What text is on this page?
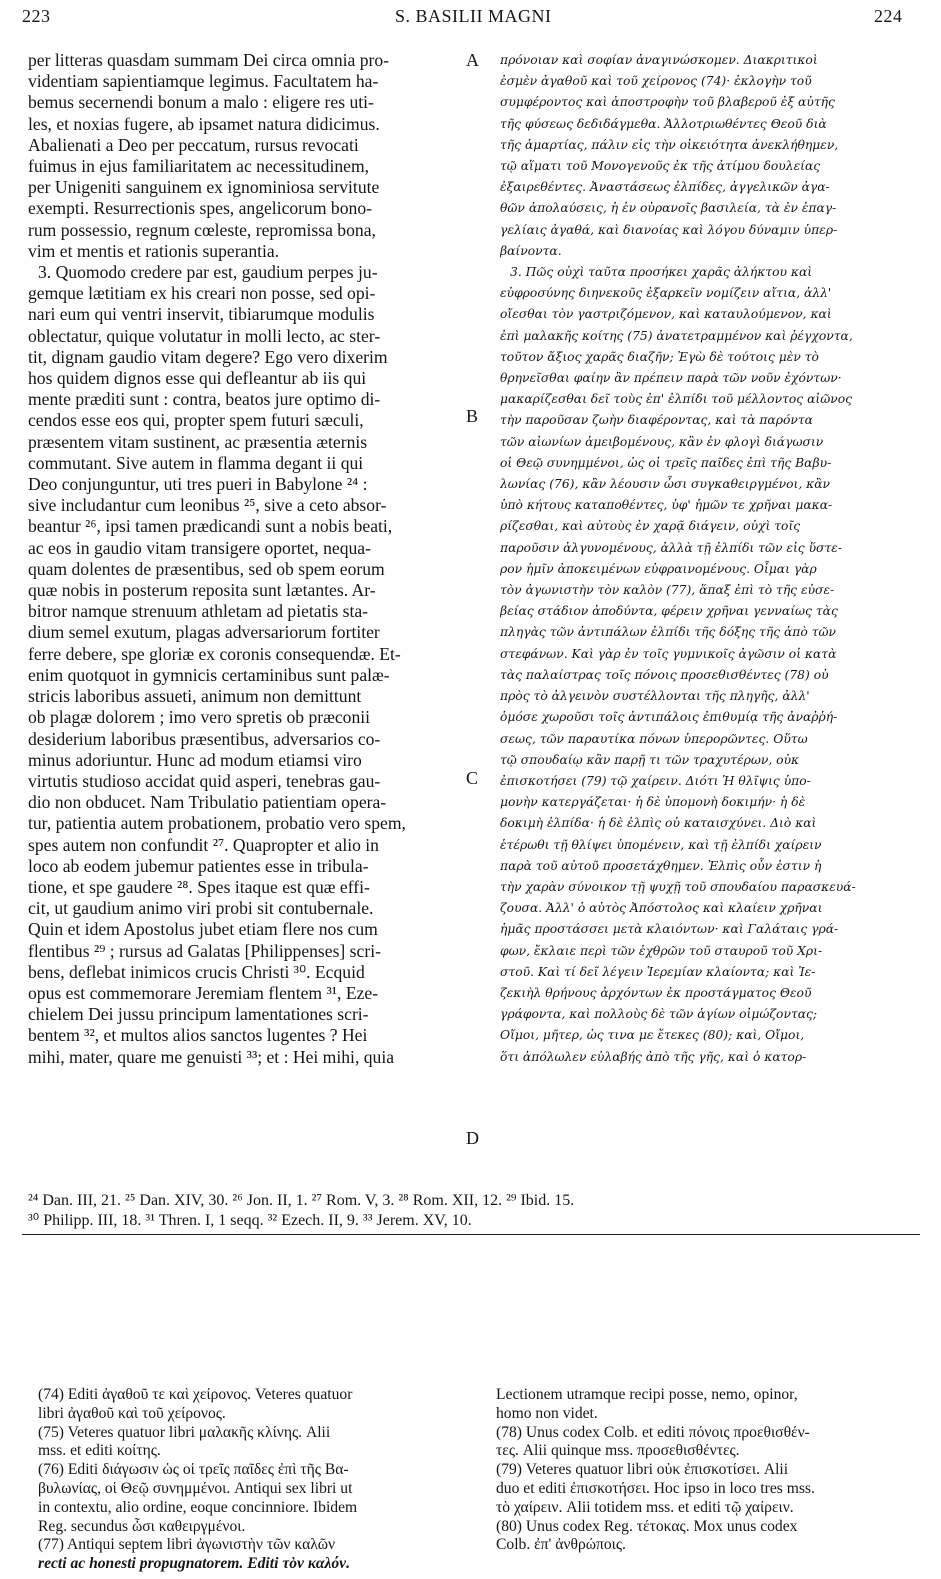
223	S. BASILII MAGNI	224
A
B
C
D
per litteras quasdam summam Dei circa omnia pro-
videntiam sapientiamque legimus. Facultatem ha-
bemus secernendi bonum a malo : eligere res uti-
les, et noxias fugere, ab ipsamet natura didicimus.
Abalienati a Deo per peccatum, rursus revocati
fuimus in ejus familiaritatem ac necessitudinem,
per Unigeniti sanguinem ex ignominiosa servitute
exempti. Resurrectionis spes, angelicorum bono-
rum possessio, regnum cœleste, repromissa bona,
vim et mentis et rationis superantia.
3. Quomodo credere par est, gaudium perpes ju-
gemque lætitiam ex his creari non posse, sed opi-
nari eum qui ventri inservit, tibiarumque modulis
oblectatur, quique volutatur in molli lecto, ac ster-
tit, dignam gaudio vitam degere? Ego vero dixerim
hos quidem dignos esse qui defleantur ab iis qui
mente præditi sunt : contra, beatos jure optimo di-
cendos esse eos qui, propter spem futuri sæculi,
præsentem vitam sustinent, ac præsentia æternis
commutant. Sive autem in flamma degant ii qui
Deo conjunguntur, uti tres pueri in Babylone ²⁴ :
sive includantur cum leonibus ²⁵, sive a ceto absor-
beantur ²⁶, ipsi tamen prædicandi sunt a nobis beati,
ac eos in gaudio vitam transigere oportet, nequa-
quam dolentes de præsentibus, sed ob spem eorum
quæ nobis in posterum reposita sunt lætantes. Ar-
bitror namque strenuum athletam ad pietatis sta-
dium semel exutum, plagas adversariorum fortiter
ferre debere, spe gloriæ ex coronis consequendæ. Et-
enim quotquot in gymnicis certaminibus sunt palæ-
stricis laboribus assueti, animum non demittunt
ob plagæ dolorem ; imo vero spretis ob præconii
desiderium laboribus præsentibus, adversarios co-
minus adoriuntur. Hunc ad modum etiamsi viro
virtutis studioso accidat quid asperi, tenebras gau-
dio non obducet. Nam Tribulatio patientiam opera-
tur, patientia autem probationem, probatio vero spem,
spes autem non confundit ²⁷. Quapropter et alio in
loco ab eodem jubemur patientes esse in tribula-
tione, et spe gaudere ²⁸. Spes itaque est quæ effi-
cit, ut gaudium animo viri probi sit contubernale.
Quin et idem Apostolus jubet etiam flere nos cum
flentibus ²⁹ ; rursus ad Galatas [Philippenses] scri-
bens, deflebat inimicos crucis Christi ³⁰. Ecquid
opus est commemorare Jeremiam flentem ³¹, Eze-
chielem Dei jussu principum lamentationes scri-
bentem ³², et multos alios sanctos lugentes ? Hei
mihi, mater, quare me genuisti ³³; et : Hei mihi, quia
πρόνοιαν καὶ σοφίαν ἀναγινώσκομεν. Διακριτικοὶ
ἐσμὲν ἀγαθοῦ καὶ τοῦ χείρονος (74)· ἐκλογὴν τοῦ
συμφέροντος καὶ ἀποστροφὴν τοῦ βλαβεροῦ ἐξ αὐτῆς
τῆς φύσεως δεδιδάγμεθα. Ἀλλοτριωθέντες Θεοῦ διὰ
τῆς ἁμαρτίας, πάλιν εἰς τὴν οἰκειότητα ἀνεκλήθημεν,
τῷ αἵματι τοῦ Μονογενοῦς ἐκ τῆς ἀτίμου δουλείας
ἐξαιρεθέντες. Ἀναστάσεως ἐλπίδες, ἀγγελικῶν ἀγα-
θῶν ἀπολαύσεις, ἡ ἐν οὐρανοῖς βασιλεία, τὰ ἐν ἐπαγ-
γελίαις ἀγαθά, καὶ διανοίας καὶ λόγου δύναμιν ὑπερ-
βαίνοντα.
3. Πῶς οὐχὶ ταῦτα προσήκει χαρᾶς ἀλήκτου καὶ
εὐφροσύνης διηνεκοῦς ἐξαρκεῖν νομίζειν αἴτια, ἀλλ'
οἴεσθαι τὸν γαστριζόμενον, καὶ καταυλούμενον, καὶ
ἐπὶ μαλακῆς κοίτης (75) ἀνατετραμμένον καὶ ῥέγχοντα,
τοῦτον ἄξιος χαρᾶς διαζῆν; Ἐγὼ δὲ τούτοις μὲν τὸ
θρηνεῖσθαι φαίην ἂν πρέπειν παρὰ τῶν νοῦν ἐχόντων·
μακαρίζεσθαι δεῖ τοὺς ἐπ' ἐλπίδι τοῦ μέλλοντος αἰῶνος
τὴν παροῦσαν ζωὴν διαφέροντας, καὶ τὰ παρόντα
τῶν αἰωνίων ἀμειβομένους, κἂν ἐν φλογὶ διάγωσιν
οἱ Θεῷ συνημμένοι, ὡς οἱ τρεῖς παῖδες ἐπὶ τῆς Βαβυ-
λωνίας (76), κἂν λέουσιν ὦσι συγκαθειργμένοι, κἂν
ὑπὸ κήτους καταποθέντες, ὑφ' ἡμῶν τε χρῆναι μακα-
ρίζεσθαι, καὶ αὐτοὺς ἐν χαρᾷ διάγειν, οὐχὶ τοῖς
παροῦσιν ἀλγυνομένους, ἀλλὰ τῇ ἐλπίδι τῶν εἰς ὕστε-
ρον ἡμῖν ἀποκειμένων εὐφραινομένους. Οἶμαι γὰρ
τὸν ἀγωνιστὴν τὸν καλὸν (77), ἅπαξ ἐπὶ τὸ τῆς εὐσε-
βείας στάδιον ἀποδύντα, φέρειν χρῆναι γενναίως τὰς
πληγὰς τῶν ἀντιπάλων ἐλπίδι τῆς δόξης τῆς ἀπὸ τῶν
στεφάνων. Καὶ γὰρ ἐν τοῖς γυμνικοῖς ἀγῶσιν οἱ κατὰ
τὰς παλαίστρας τοῖς πόνοις προσεθισθέντες (78) οὐ
πρὸς τὸ ἀλγεινὸν συστέλλονται τῆς πληγῆς, ἀλλ'
ὁμόσε χωροῦσι τοῖς ἀντιπάλοις ἐπιθυμίᾳ τῆς ἀναῤῥή-
σεως, τῶν παραυτίκα πόνων ὑπερορῶντες. Οὕτω
τῷ σπουδαίῳ κἂν παρῇ τι τῶν τραχυτέρων, οὐκ
ἐπισκοτήσει (79) τῷ χαίρειν. Διότι Ἡ θλῖψις ὑπο-
μονὴν κατεργάζεται· ἡ δὲ ὑπομονὴ δοκιμήν· ἡ δὲ
δοκιμὴ ἐλπίδα· ἡ δὲ ἐλπὶς οὐ καταισχύνει. Διὸ καὶ
ἑτέρωθι τῇ θλίψει ὑπομένειν, καὶ τῇ ἐλπίδι χαίρειν
παρὰ τοῦ αὐτοῦ προσετάχθημεν. Ἐλπὶς οὖν ἐστιν ἡ
τὴν χαρὰν σύνοικον τῇ ψυχῇ τοῦ σπουδαίου παρασκευά-
ζουσα. Ἀλλ' ὁ αὐτὸς Ἀπόστολος καὶ κλαίειν χρῆναι
ἡμᾶς προστάσσει μετὰ κλαιόντων· καὶ Γαλάταις γρά-
φων, ἔκλαιε περὶ τῶν ἐχθρῶν τοῦ σταυροῦ τοῦ Χρι-
στοῦ. Καὶ τί δεῖ λέγειν Ἱερεμίαν κλαίοντα; καὶ Ἰε-
ζεκιὴλ θρήνους ἀρχόντων ἐκ προστάγματος Θεοῦ
γράφοντα, καὶ πολλοὺς δὲ τῶν ἁγίων οἰμώζοντας;
Οἴμοι, μῆτερ, ὡς τινα με ἔτεκες (80); καὶ, Οἴμοι,
ὅτι ἀπόλωλεν εὐλαβής ἀπὸ τῆς γῆς, καὶ ὁ κατορ-
²⁴ Dan. III, 21. ²⁵ Dan. XIV, 30. ²⁶ Jon. II, 1. ²⁷ Rom. V, 3. ²⁸ Rom. XII, 12. ²⁹ Ibid. 15.
³⁰ Philipp. III, 18. ³¹ Thren. I, 1 seqq. ³² Ezech. II, 9. ³³ Jerem. XV, 10.
(74) Editi ἀγαθοῦ τε καὶ χείρονος. Veteres quatuor
libri ἀγαθοῦ καὶ τοῦ χείρονος.
(75) Veteres quatuor libri μαλακῆς κλίνης. Alii
mss. et editi κοίτης.
(76) Editi διάγωσιν ὡς οἱ τρεῖς παῖδες ἐπὶ τῆς Βα-
βυλωνίας, οἱ Θεῷ συνημμένοι. Antiqui sex libri ut
in contextu, alio ordine, eoque concinniore. Ibidem
Reg. secundus ὦσι καθειργμένοι.
(77) Antiqui septem libri ἀγωνιστὴν τῶν καλῶν
recti ac honesti propugnatorem. Editi τὸν καλόν.
Lectionem utramque recipi posse, nemo, opinor,
homo non videt.
(78) Unus codex Colb. et editi πόνοις προεθισθέν-
τες. Alii quinque mss. προσεθισθέντες.
(79) Veteres quatuor libri οὐκ ἐπισκοτίσει. Alii
duo et editi ἐπισκοτήσει. Hoc ipso in loco tres mss.
τὸ χαίρειν. Alii totidem mss. et editi τῷ χαίρειν.
(80) Unus codex Reg. τέτοκας. Mox unus codex
Colb. ἐπ' ἀνθρώποις.
